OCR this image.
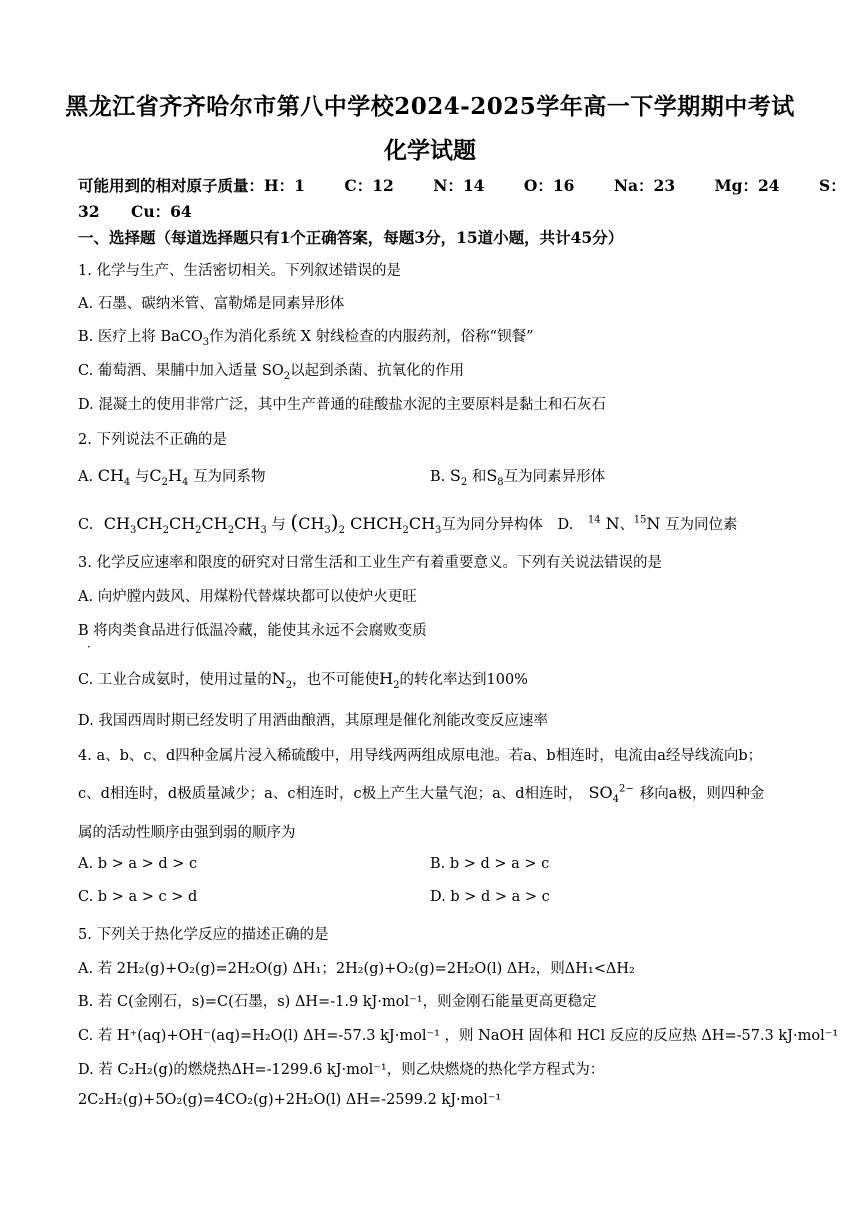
黑龙江省齐齐哈尔市第八中学校2024-2025学年高一下学期期中考试
化学试题
可能用到的相对原子质量：H：1	C：12	N：14	O：16	Na：23	Mg：24	S：
32 Cu：64
一、选择题（每道选择题只有1个正确答案，每题3分，15道小题，共计45分）
1. 化学与生产、生活密切相关。下列叙述错误的是
A. 石墨、碳纳米管、富勒烯是同素异形体
B. 医疗上将 BaCO$_3$作为消化系统 X 射线检查的内服药剂，俗称“钡餐”
C. 葡萄酒、果脯中加入适量 $SO_2$以起到杀菌、抗氧化的作用
D. 混凝土的使用非常广泛，其中生产普通的硅酸盐水泥的主要原料是黏土和石灰石
2. 下列说法不正确的是
A. $CH_4$ 与$C_2H_4$ 互为同系物	B. $S_2$ 和$S_8$互为同素异形体
C. $CH_3CH_2CH_2CH_2CH_3$ 与 $(CH_3)_2$ $CHCH_2CH_3$互为同分异构体 D. $^{14}$ N、$^{15}$N 互为同位素
3. 化学反应速率和限度的研究对日常生活和工业生产有着重要意义。下列有关说法错误的是
A. 向炉膛内鼓风、用煤粉代替煤块都可以使炉火更旺
B 将肉类食品进行低温冷藏，能使其永远不会腐败变质
·
C. 工业合成氨时，使用过量的$N_2$，也不可能使$H_2$的转化率达到100%
D. 我国西周时期已经发明了用酒曲酿酒，其原理是催化剂能改变反应速率
4. a、b、c、d四种金属片浸入稀硫酸中，用导线两两组成原电池。若a、b相连时，电流由a经导线流向b；
c、d相连时，d极质量减少；a、c相连时，c极上产生大量气泡；a、d相连时， $SO_4^{2-}$ 移向a极，则四种金
属的活动性顺序由强到弱的顺序为
A. b > a > d > c	B. b > d > a > c
C. b > a > c > d	D. b > d > a > c
5. 下列关于热化学反应的描述正确的是
A. 若 2H₂(g)+O₂(g)=2H₂O(g) ΔH₁；2H₂(g)+O₂(g)=2H₂O(l) ΔH₂，则ΔH₁<ΔH₂
B. 若 C(金刚石，s)=C(石墨，s) ΔH=-1.9 kJ·mol⁻¹，则金刚石能量更高更稳定
C. 若 H⁺(aq)+OH⁻(aq)=H₂O(l) ΔH=-57.3 kJ·mol⁻¹ ，则 NaOH 固体和 HCl 反应的反应热 ΔH=-57.3 kJ·mol⁻¹
D. 若 C₂H₂(g)的燃烧热ΔH=-1299.6 kJ·mol⁻¹，则乙炔燃烧的热化学方程式为：
2C₂H₂(g)+5O₂(g)=4CO₂(g)+2H₂O(l) ΔH=-2599.2 kJ·mol⁻¹
